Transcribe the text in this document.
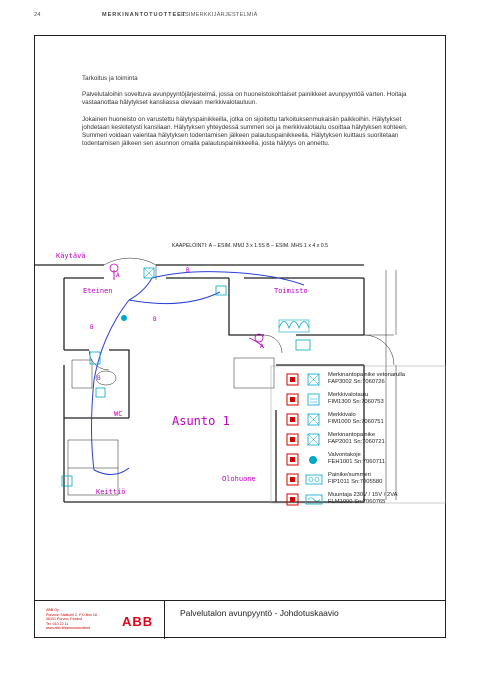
24	MERKINANTOTUOTTEET
ESIMERKKIJÄRJESTELMIÄ

Tarkoitus ja toiminta

Palvelutaloihin soveltuva avunpyyntöjärjestelmä, jossa on huoneistokohtaiset painikkeet avunpyyntöä varten. Hoitaja vastaanottaa hälytykset kansliassa olevaan merkkivalotauluun.

Jokainen huoneisto on varustettu hälytyspainikkeilla, jotka on sijoitettu tarkoituksenmukaisiin paikkoihin. Hälytykset johdetaan keskitetysti kansliaan. Hälytyksen yhteydessä summeri soi ja merkkivalotaulu osoittaa hälytyksen kohteen. Summeri voidaan vaientaa hälytyksen todentamisen jälkeen palautuspainikkeella. Hälytyksen kuittaus suoritetaan todentamisen jälkeen sen asunnon omalla palautuspainikkeella, josta hälytys on annettu.

KAAPELOINTI: A – ESIM. MMJ 3 x 1.5S B – ESIM. MHS 1 x 4 x 0.5
Käytävä
Eteinen	Toimisto
Asunto 1
WC
Keittiö
Olohuone
A
A
B
B
B
B	Merkinantopainike vetonarulla
FAP3002 Sn:7060726
Merkkivalotaulu
FIM1300 Sn:7060753
Merkkivalo
FIM1000 Sn:7060751
Merkinantopainike
FAP2001 Sn:7060721
Valvontakoje
FEH1001 Sn:7060711
Painike/summeri
FIP1011 Sn:7005580
Muuntaja 230V / 15V / 2VA
FLM1000 Sn:7060765
ABB Oy
Porvoon Sisäkohl 2, P.O.Box 18
06101 Porvoo, Finland
Tel. 010 22 11
www.abb.fi/asennustuotteet	ABB
Palvelutalon avunpyyntö - Johdotuskaavio
